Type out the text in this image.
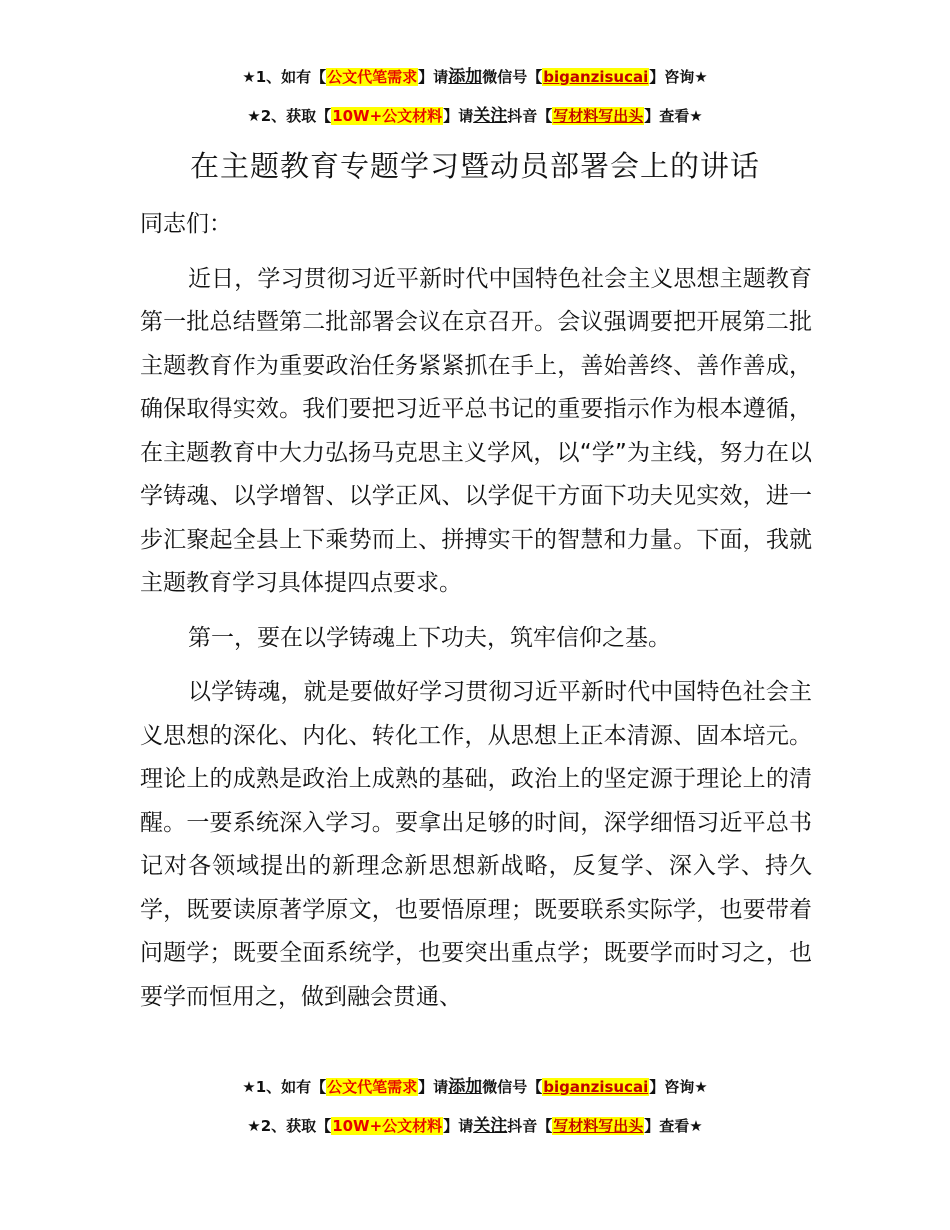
★1、如有【公文代笔需求】请添加微信号【biganzisucai】咨询★
★2、获取【10W+公文材料】请关注抖音【写材料写出头】查看★
在主题教育专题学习暨动员部署会上的讲话

同志们：

近日，学习贯彻习近平新时代中国特色社会主义思想主题教育第一批总结暨第二批部署会议在京召开。会议强调要把开展第二批主题教育作为重要政治任务紧紧抓在手上，善始善终、善作善成，确保取得实效。我们要把习近平总书记的重要指示作为根本遵循，在主题教育中大力弘扬马克思主义学风，以“学”为主线，努力在以学铸魂、以学增智、以学正风、以学促干方面下功夫见实效，进一步汇聚起全县上下乘势而上、拼搏实干的智慧和力量。下面，我就主题教育学习具体提四点要求。

第一，要在以学铸魂上下功夫，筑牢信仰之基。

以学铸魂，就是要做好学习贯彻习近平新时代中国特色社会主义思想的深化、内化、转化工作，从思想上正本清源、固本培元。理论上的成熟是政治上成熟的基础，政治上的坚定源于理论上的清醒。一要系统深入学习。要拿出足够的时间，深学细悟习近平总书记对各领域提出的新理念新思想新战略，反复学、深入学、持久学，既要读原著学原文，也要悟原理；既要联系实际学，也要带着问题学；既要全面系统学，也要突出重点学；既要学而时习之，也要学而恒用之，做到融会贯通、

★1、如有【公文代笔需求】请添加微信号【biganzisucai】咨询★
★2、获取【10W+公文材料】请关注抖音【写材料写出头】查看★
